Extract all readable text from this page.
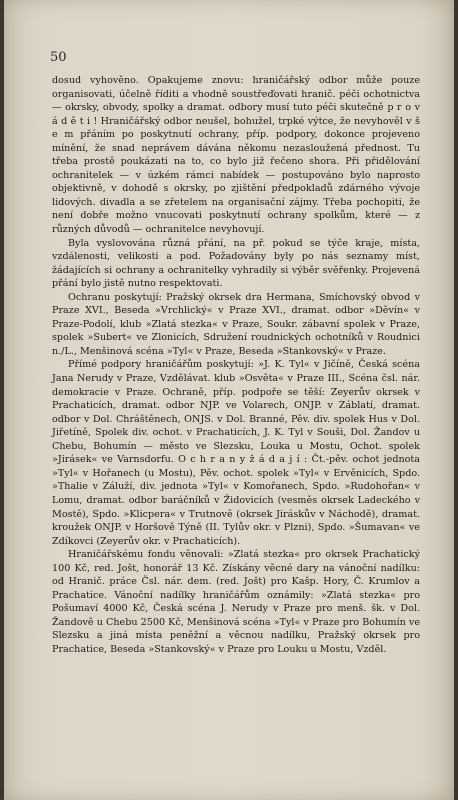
50

dosud vyhověno. Opakujeme znovu: hraničářský odbor může pouze organisovati, účelně říditi a vhodně soustřeďovati hranič. péči ochotnictva — okrsky, obvody, spolky a dramat. odbory musí tuto péči skutečně p r o v á d ě t i ! Hraničářský odbor neušel, bohužel, trpké výtce, že nevyhověl v š e m přáním po poskytnutí ochrany, příp. podpory, dokonce projeveno mínění, že snad neprávem dávána někomu nezasloužená přednost. Tu třeba prostě poukázati na to, co bylo již řečeno shora. Při přidělování ochranitelek — v úzkém rámci nabídek — postupováno bylo naprosto objektivně, v dohodě s okrsky, po zjištění předpokladů zdárného vývoje lidových. divadla a se zřetelem na organisační zájmy. Třeba pochopiti, že není dobře možno vnucovati poskytnutí ochrany spolkům, které — z různých důvodů — ochranitelce nevyhovují.

Byla vyslovována různá přání, na př. pokud se týče kraje, místa, vzdálenosti, velikosti a pod. Požadovány byly po nás seznamy míst, žádajících si ochrany a ochranitelky vyhradily si výběr svěřenky. Projevená přání bylo jistě nutno respektovati.

Ochranu poskytují: Pražský okrsek dra Hermana, Smíchovský obvod v Praze XVI., Beseda »Vrchlický« v Praze XVI., dramat. odbor »Děvín« v Praze-Podolí, klub »Zlatá stezka« v Praze, Soukr. zábavní spolek v Praze, spolek »Subert« ve Zlonicích, Sdružení roudnických ochotníků v Roudnici n./L., Menšinová scéna »Tyl« v Praze, Beseda »Stankovský« v Praze.

Přímé podpory hraničářům poskytují: »J. K. Tyl« v Jičíně, Česká scéna Jana Nerudy v Praze, Vzdělávat. klub »Osvěta« v Praze III., Scéna čsl. nár. demokracie v Praze. Ochraně, příp. podpoře se těší: Zeyerův okrsek v Prachaticích, dramat. odbor NJP. ve Volarech, ONJP. v Záblatí, dramat. odbor v Dol. Chráštěnech, ONJS. v Dol. Branné, Pěv. div. spolek Hus v Dol. Jiřetíně, Spolek div. ochot. v Prachaticích, J. K. Tyl v Souši, Dol. Žandov u Chebu, Bohumín — město ve Slezsku, Louka u Mostu, Ochot. spolek »Jirásek« ve Varnsdorfu. O c h r a n y ž á d a j í : Čt.-pěv. ochot jednota »Tyl« v Hořanech (u Mostu), Pěv. ochot. spolek »Tyl« v Ervěnicích, Spdo. »Thalie v Záluží, div. jednota »Tyl« v Komořanech, Spdo. »Rudohořan« v Lomu, dramat. odbor baráčníků v Židovicích (vesměs okrsek Ladeckého v Mostě), Spdo. »Klicpera« v Trutnově (okrsek Jiráskův v Náchodě), dramat. kroužek ONJP. v Horšově Týně (II. Tylův okr. v Plzni), Spdo. »Šumavan« ve Zdíkovci (Zeyerův okr. v Prachaticích).

Hraničářskému fondu věnovali: »Zlatá stezka« pro okrsek Prachatický 100 Kč, red. Jošt, honorář 13 Kč. Získány věcné dary na vánoční nadílku: od Hranič. práce Čsl. nár. dem. (red. Jošt) pro Kašp. Hory, Č. Krumlov a Prachatice. Vánoční nadílky hraničářům oznámily: »Zlatá stezka« pro Pošumaví 4000 Kč, Česká scéna J. Nerudy v Praze pro menš. šk. v Dol. Žandově u Chebu 2500 Kč, Menšinová scéna »Tyl« v Praze pro Bohumín ve Slezsku a jiná místa peněžní a věcnou nadílku, Pražský okrsek pro Prachatice, Beseda »Stankovský« v Praze pro Louku u Mostu, Vzděl.
